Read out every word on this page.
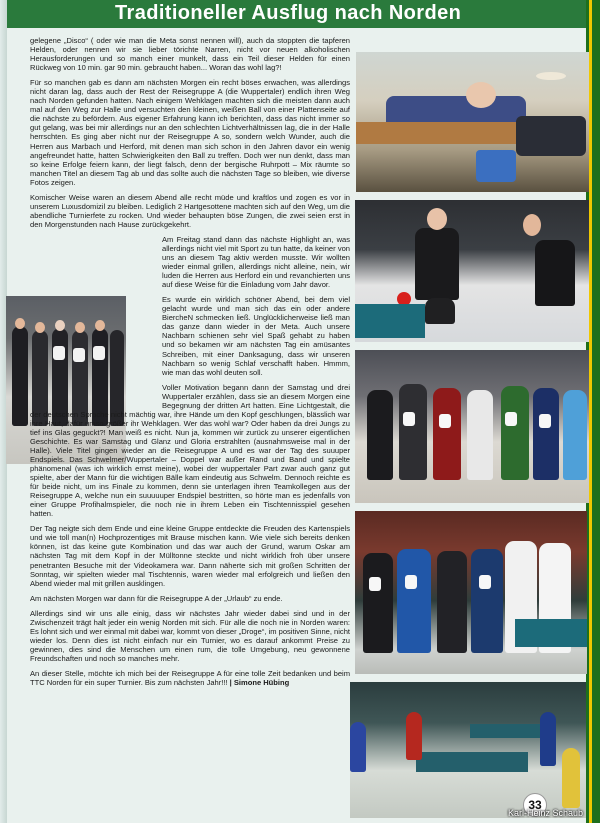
Traditioneller Ausflug nach Norden

gelegene „Disco“ ( oder wie man die Meta sonst nennen will), auch da stoppten die tapferen Helden, oder nennen wir sie lieber törichte Narren, nicht vor neuen alkoholischen Herausforderungen und so manch einer munkelt, dass ein Teil dieser Helden für einen Rückweg von 10 min. gar 90 min. gebraucht haben... Woran das wohl lag?!

Für so manchen gab es dann am nächsten Morgen ein recht böses erwachen, was allerdings nicht daran lag, dass auch der Rest der Reisegruppe A (die Wuppertaler) endlich ihren Weg nach Norden gefunden hatten. Nach einigem Wehklagen machten sich die meisten dann auch mal auf den Weg zur Halle und versuchten den kleinen, weißen Ball von einer Plattenseite auf die nächste zu befördern. Aus eigener Erfahrung kann ich berichten, dass das nicht immer so gut gelang, was bei mir allerdings nur an den schlechten Lichtverhältnissen lag, die in der Halle herrschten. Es ging aber nicht nur der Reisegruppe A so, sondern welch Wunder, auch die Herren aus Marbach und Herford, mit denen man sich schon in den Jahren davor ein wenig angefreundet hatte, hatten Schwierigkeiten den Ball zu treffen. Doch wer nun denkt, dass man so keine Erfolge feiern kann, der liegt falsch, denn der bergische Ruhrpott – Mix räumte so manchen Titel an diesem Tag ab und das sollte auch die nächsten Tage so bleiben, wie diverse Fotos zeigen.

Komischer Weise waren an diesem Abend alle recht müde und kraftlos und zogen es vor in unserem Luxusdomizil zu bleiben. Lediglich 2 Hartgesottene machten sich auf den Weg, um die abendliche Turnierfete zu rocken. Und wieder behaupten böse Zungen, die zwei seien erst in den Morgenstunden nach Hause zurückgekehrt.

Am Freitag stand dann das nächste Highlight an, was allerdings nicht viel mit Sport zu tun hatte, da keiner von uns an diesem Tag aktiv werden musste. Wir wollten wieder einmal grillen, allerdings nicht alleine, nein, wir luden die Herren aus Herford ein und revanchierten uns auf diese Weise für die Einladung vom Jahr davor.

Es wurde ein wirklich schöner Abend, bei dem viel gelacht wurde und man sich das ein oder andere BiercheN schmecken ließ. Unglücklicherweise ließ man das ganze dann wieder in der Meta. Auch unsere Nachbarn schienen sehr viel Spaß gehabt zu haben und so bekamen wir am nächsten Tag ein amüsantes Schreiben, mit einer Danksagung, dass wir unseren Nachbarn so wenig Schlaf verschafft haben. Hmmm, wie man das wohl deuten soll.

Voller Motivation begann dann der Samstag und drei Wuppertaler erzählen, dass sie an diesem Morgen eine Begegnung der dritten Art hatten. Eine Lichtgestalt, die der deutschen Sprache nicht mächtig war, ihre Hände um den Kopf geschlungen, blässlich war ihre Haut, dafür umso größer ihr Wehklagen. Wer das wohl war? Oder haben da drei Jungs zu tief ins Glas geguckt?! Man weiß es nicht. Nun ja, kommen wir zurück zu unserer eigentlichen Geschichte. Es war Samstag und Glanz und Gloria erstrahlten (ausnahmsweise mal in der Halle). Viele Titel gingen wieder an die Reisegruppe A und es war der Tag des suuuper Endspiels. Das Schwelmer/Wuppertaler – Doppel war außer Rand und Band und spielte phänomenal (was ich wirklich ernst meine), wobei der wuppertaler Part zwar auch ganz gut spielte, aber der Mann für die wichtigen Bälle kam eindeutig aus Schwelm. Dennoch reichte es für beide nicht, um ins Finale zu kommen, denn sie unterlagen ihren Teamkollegen aus der Reisegruppe A, welche nun ein suuuuuper Endspiel bestritten, so hörte man es jedenfalls von einer Gruppe Profihalmspieler, die noch nie in ihrem Leben ein Tischtennisspiel gesehen hatten.

Der Tag neigte sich dem Ende und eine kleine Gruppe entdeckte die Freuden des Kartenspiels und wie toll man(n) Hochprozentiges mit Brause mischen kann. Wie viele sich bereits denken können, ist das keine gute Kombination und das war auch der Grund, warum Oskar am nächsten Tag mit dem Kopf in der Mülltonne steckte und nicht wirklich froh über unsere penetranten Besuche mit der Videokamera war. Dann näherte sich mit großen Schritten der Sonntag, wir spielten wieder mal Tischtennis, waren wieder mal erfolgreich und ließen den Abend wieder mal mit grillen ausklingen.

Am nächsten Morgen war dann für die Reisegruppe A der „Urlaub“ zu ende.

Allerdings sind wir uns alle einig, dass wir nächstes Jahr wieder dabei sind und in der Zwischenzeit trägt halt jeder ein wenig Norden mit sich. Für alle die noch nie in Norden waren: Es lohnt sich und wer einmal mit dabei war, kommt von dieser „Droge“, im positiven Sinne, nicht wieder los. Denn dies ist nicht einfach nur ein Turnier, wo es darauf ankommt Preise zu gewinnen, dies sind die Menschen um einen rum, die tolle Umgebung, neu gewonnene Freundschaften und noch so manches mehr.

An dieser Stelle, möchte ich mich bei der Reisegruppe A für eine tolle Zeit bedanken und beim TTC Norden für ein super Turnier. Bis zum nächsten Jahr!!! | Simone Hübing

33
Karl-Heinz Schaub
